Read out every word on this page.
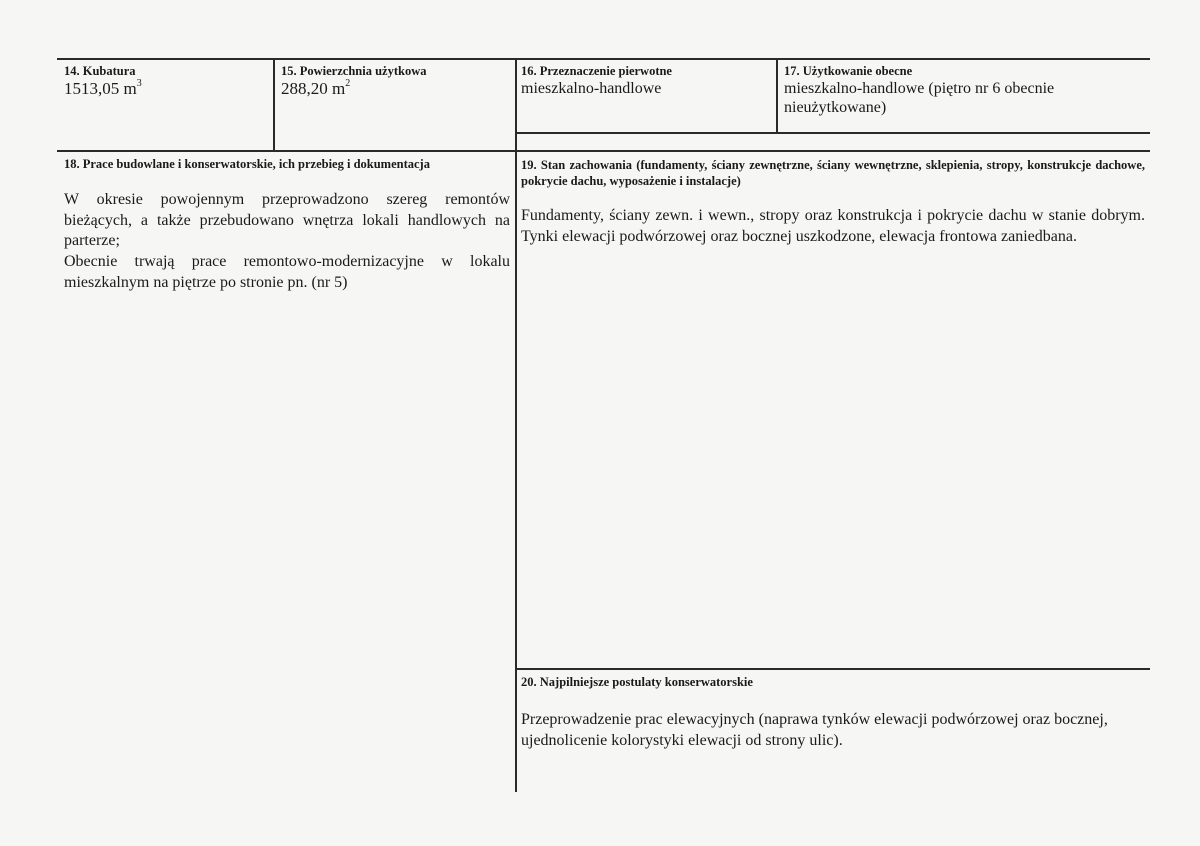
14. Kubatura
1513,05 $m^3$
15. Powierzchnia użytkowa
288,20 $m^2$
16. Przeznaczenie pierwotne
mieszkalno-handlowe
17. Użytkowanie obecne
mieszkalno-handlowe (piętro nr 6 obecnie nieużytkowane)
18. Prace budowlane i konserwatorskie, ich przebieg i dokumentacja
W okresie powojennym przeprowadzono szereg remontów bieżących, a także przebudowano wnętrza lokali handlowych na parterze;
Obecnie trwają prace remontowo-modernizacyjne w lokalu mieszkalnym na piętrze po stronie pn. (nr 5)
19. Stan zachowania (fundamenty, ściany zewnętrzne, ściany wewnętrzne, sklepienia, stropy, konstrukcje dachowe, pokrycie dachu, wyposażenie i instalacje)
Fundamenty, ściany zewn. i wewn., stropy oraz konstrukcja i pokrycie dachu w stanie dobrym. Tynki elewacji podwórzowej oraz bocznej uszkodzone, elewacja frontowa zaniedbana.
20. Najpilniejsze postulaty konserwatorskie
Przeprowadzenie prac elewacyjnych (naprawa tynków elewacji podwórzowej oraz bocznej, ujednolicenie kolorystyki elewacji od strony ulic).
